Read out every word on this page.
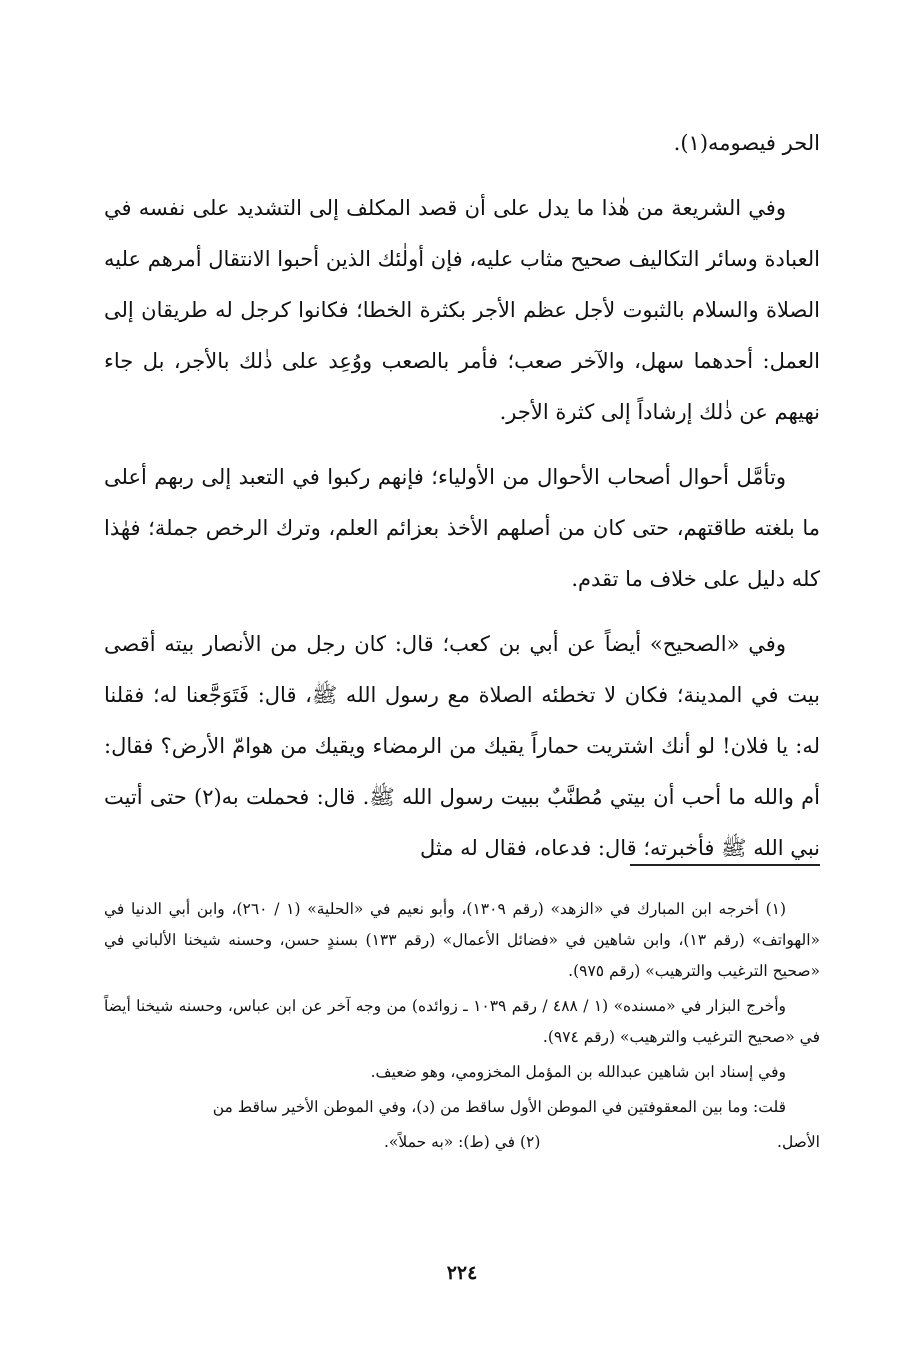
الحر فيصومه(١).

وفي الشريعة من هٰذا ما يدل على أن قصد المكلف إلى التشديد على نفسه في العبادة وسائر التكاليف صحيح مثاب عليه، فإن أولٰئك الذين أحبوا الانتقال أمرهم عليه الصلاة والسلام بالثبوت لأجل عظم الأجر بكثرة الخطا؛ فكانوا كرجل له طريقان إلى العمل: أحدهما سهل، والآخر صعب؛ فأمر بالصعب ووُعِد على ذٰلك بالأجر، بل جاء نهيهم عن ذٰلك إرشاداً إلى كثرة الأجر.

وتأمَّل أحوال أصحاب الأحوال من الأولياء؛ فإنهم ركبوا في التعبد إلى ربهم أعلى ما بلغته طاقتهم، حتى كان من أصلهم الأخذ بعزائم العلم، وترك الرخص جملة؛ فهٰذا كله دليل على خلاف ما تقدم.

وفي «الصحيح» أيضاً عن أبي بن كعب؛ قال: كان رجل من الأنصار بيته أقصى بيت في المدينة؛ فكان لا تخطئه الصلاة مع رسول الله ﷺ، قال: فَتَوَجَّعنا له؛ فقلنا له: يا فلان! لو أنك اشتريت حماراً يقيك من الرمضاء ويقيك من هوامّ الأرض؟ فقال: أم والله ما أحب أن بيتي مُطنَّبٌ ببيت رسول الله ﷺ. قال: فحملت به(٢) حتى أتيت نبي الله ﷺ فأخبرته؛ قال: فدعاه، فقال له مثل

(١) أخرجه ابن المبارك في «الزهد» (رقم ١٣٠٩)، وأبو نعيم في «الحلية» (١ / ٢٦٠)، وابن أبي الدنيا في «الهواتف» (رقم ١٣)، وابن شاهين في «فضائل الأعمال» (رقم ١٣٣) بسندٍ حسن، وحسنه شيخنا الألباني في «صحيح الترغيب والترهيب» (رقم ٩٧٥).

وأخرج البزار في «مسنده» (١ / ٤٨٨ / رقم ١٠٣٩ ـ زوائده) من وجه آخر عن ابن عباس، وحسنه شيخنا أيضاً في «صحيح الترغيب والترهيب» (رقم ٩٧٤).

وفي إسناد ابن شاهين عبدالله بن المؤمل المخزومي، وهو ضعيف.

قلت: وما بين المعقوفتين في الموطن الأول ساقط من (د)، وفي الموطن الأخير ساقط من

الأصل.
(٢) في (ط): «به حملاً».
٢٢٤
